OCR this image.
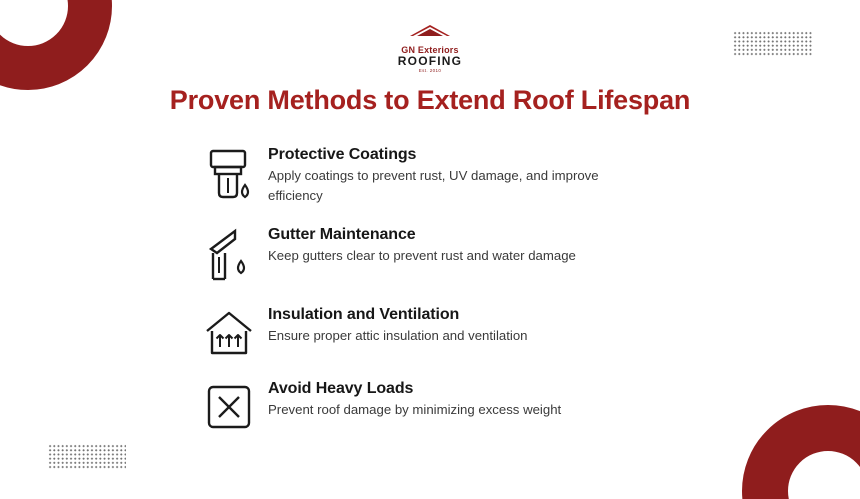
GN Exteriors
ROOFING
Est. 2010
Proven Methods to Extend Roof Lifespan
Protective Coatings
Apply coatings to prevent rust, UV damage, and improve efficiency
Gutter Maintenance
Keep gutters clear to prevent rust and water damage
Insulation and Ventilation
Ensure proper attic insulation and ventilation
Avoid Heavy Loads
Prevent roof damage by minimizing excess weight
